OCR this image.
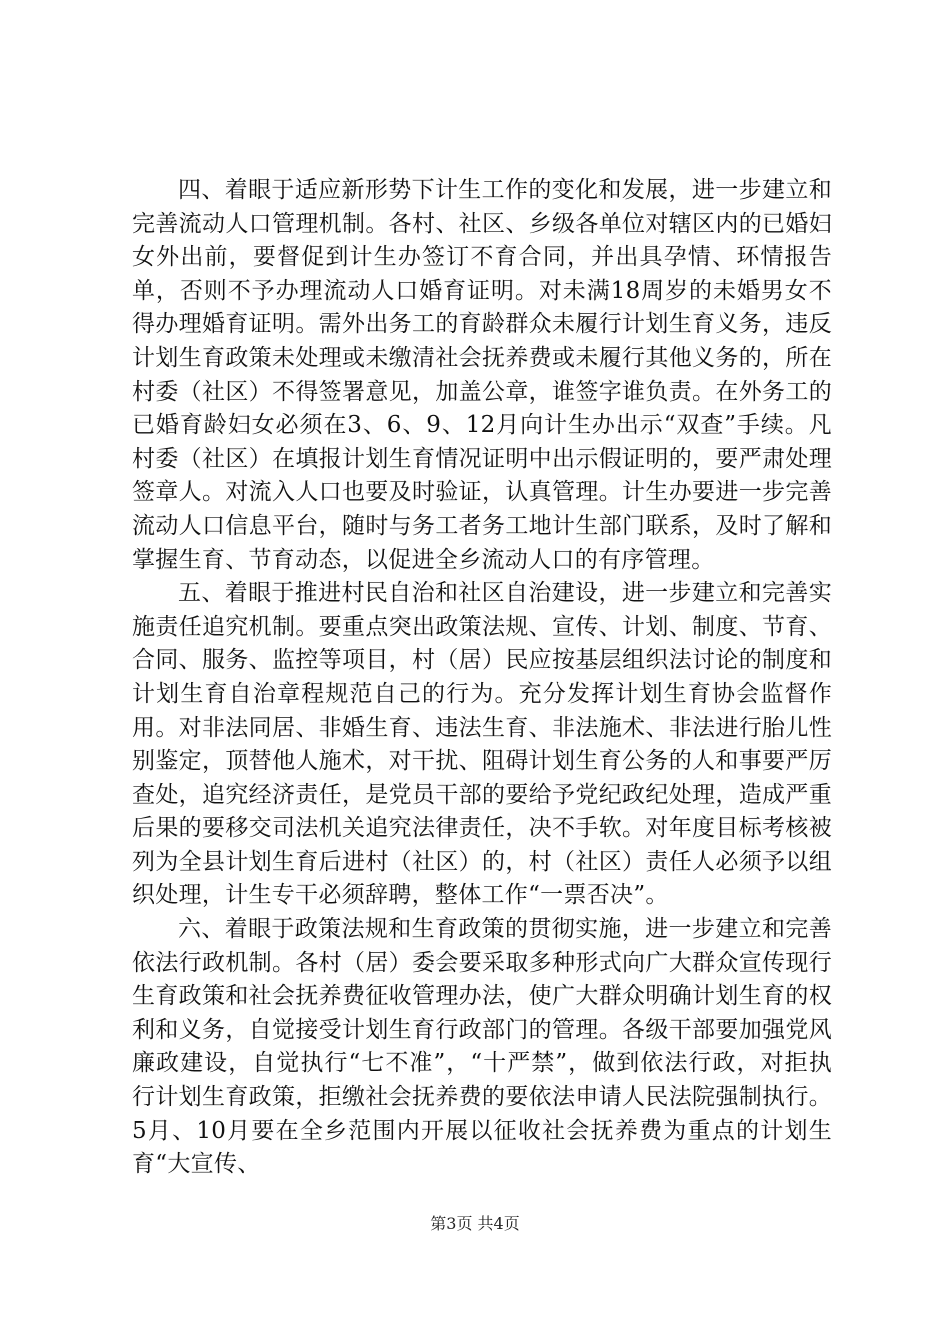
四、着眼于适应新形势下计生工作的变化和发展，进一步建立和完善流动人口管理机制。各村、社区、乡级各单位对辖区内的已婚妇女外出前，要督促到计生办签订不育合同，并出具孕情、环情报告单，否则不予办理流动人口婚育证明。对未满18周岁的未婚男女不得办理婚育证明。需外出务工的育龄群众未履行计划生育义务，违反计划生育政策未处理或未缴清社会抚养费或未履行其他义务的，所在村委（社区）不得签署意见，加盖公章，谁签字谁负责。在外务工的已婚育龄妇女必须在3、6、9、12月向计生办出示“双查”手续。凡村委（社区）在填报计划生育情况证明中出示假证明的，要严肃处理签章人。对流入人口也要及时验证，认真管理。计生办要进一步完善流动人口信息平台，随时与务工者务工地计生部门联系，及时了解和掌握生育、节育动态，以促进全乡流动人口的有序管理。

五、着眼于推进村民自治和社区自治建设，进一步建立和完善实施责任追究机制。要重点突出政策法规、宣传、计划、制度、节育、合同、服务、监控等项目，村（居）民应按基层组织法讨论的制度和计划生育自治章程规范自己的行为。充分发挥计划生育协会监督作用。对非法同居、非婚生育、违法生育、非法施术、非法进行胎儿性别鉴定，顶替他人施术，对干扰、阻碍计划生育公务的人和事要严厉查处，追究经济责任，是党员干部的要给予党纪政纪处理，造成严重后果的要移交司法机关追究法律责任，决不手软。对年度目标考核被列为全县计划生育后进村（社区）的，村（社区）责任人必须予以组织处理，计生专干必须辞聘，整体工作“一票否决”。

六、着眼于政策法规和生育政策的贯彻实施，进一步建立和完善依法行政机制。各村（居）委会要采取多种形式向广大群众宣传现行生育政策和社会抚养费征收管理办法，使广大群众明确计划生育的权利和义务，自觉接受计划生育行政部门的管理。各级干部要加强党风廉政建设，自觉执行“七不准”，“十严禁”，做到依法行政，对拒执行计划生育政策，拒缴社会抚养费的要依法申请人民法院强制执行。5月、10月要在全乡范围内开展以征收社会抚养费为重点的计划生育“大宣传、

第3页 共4页
